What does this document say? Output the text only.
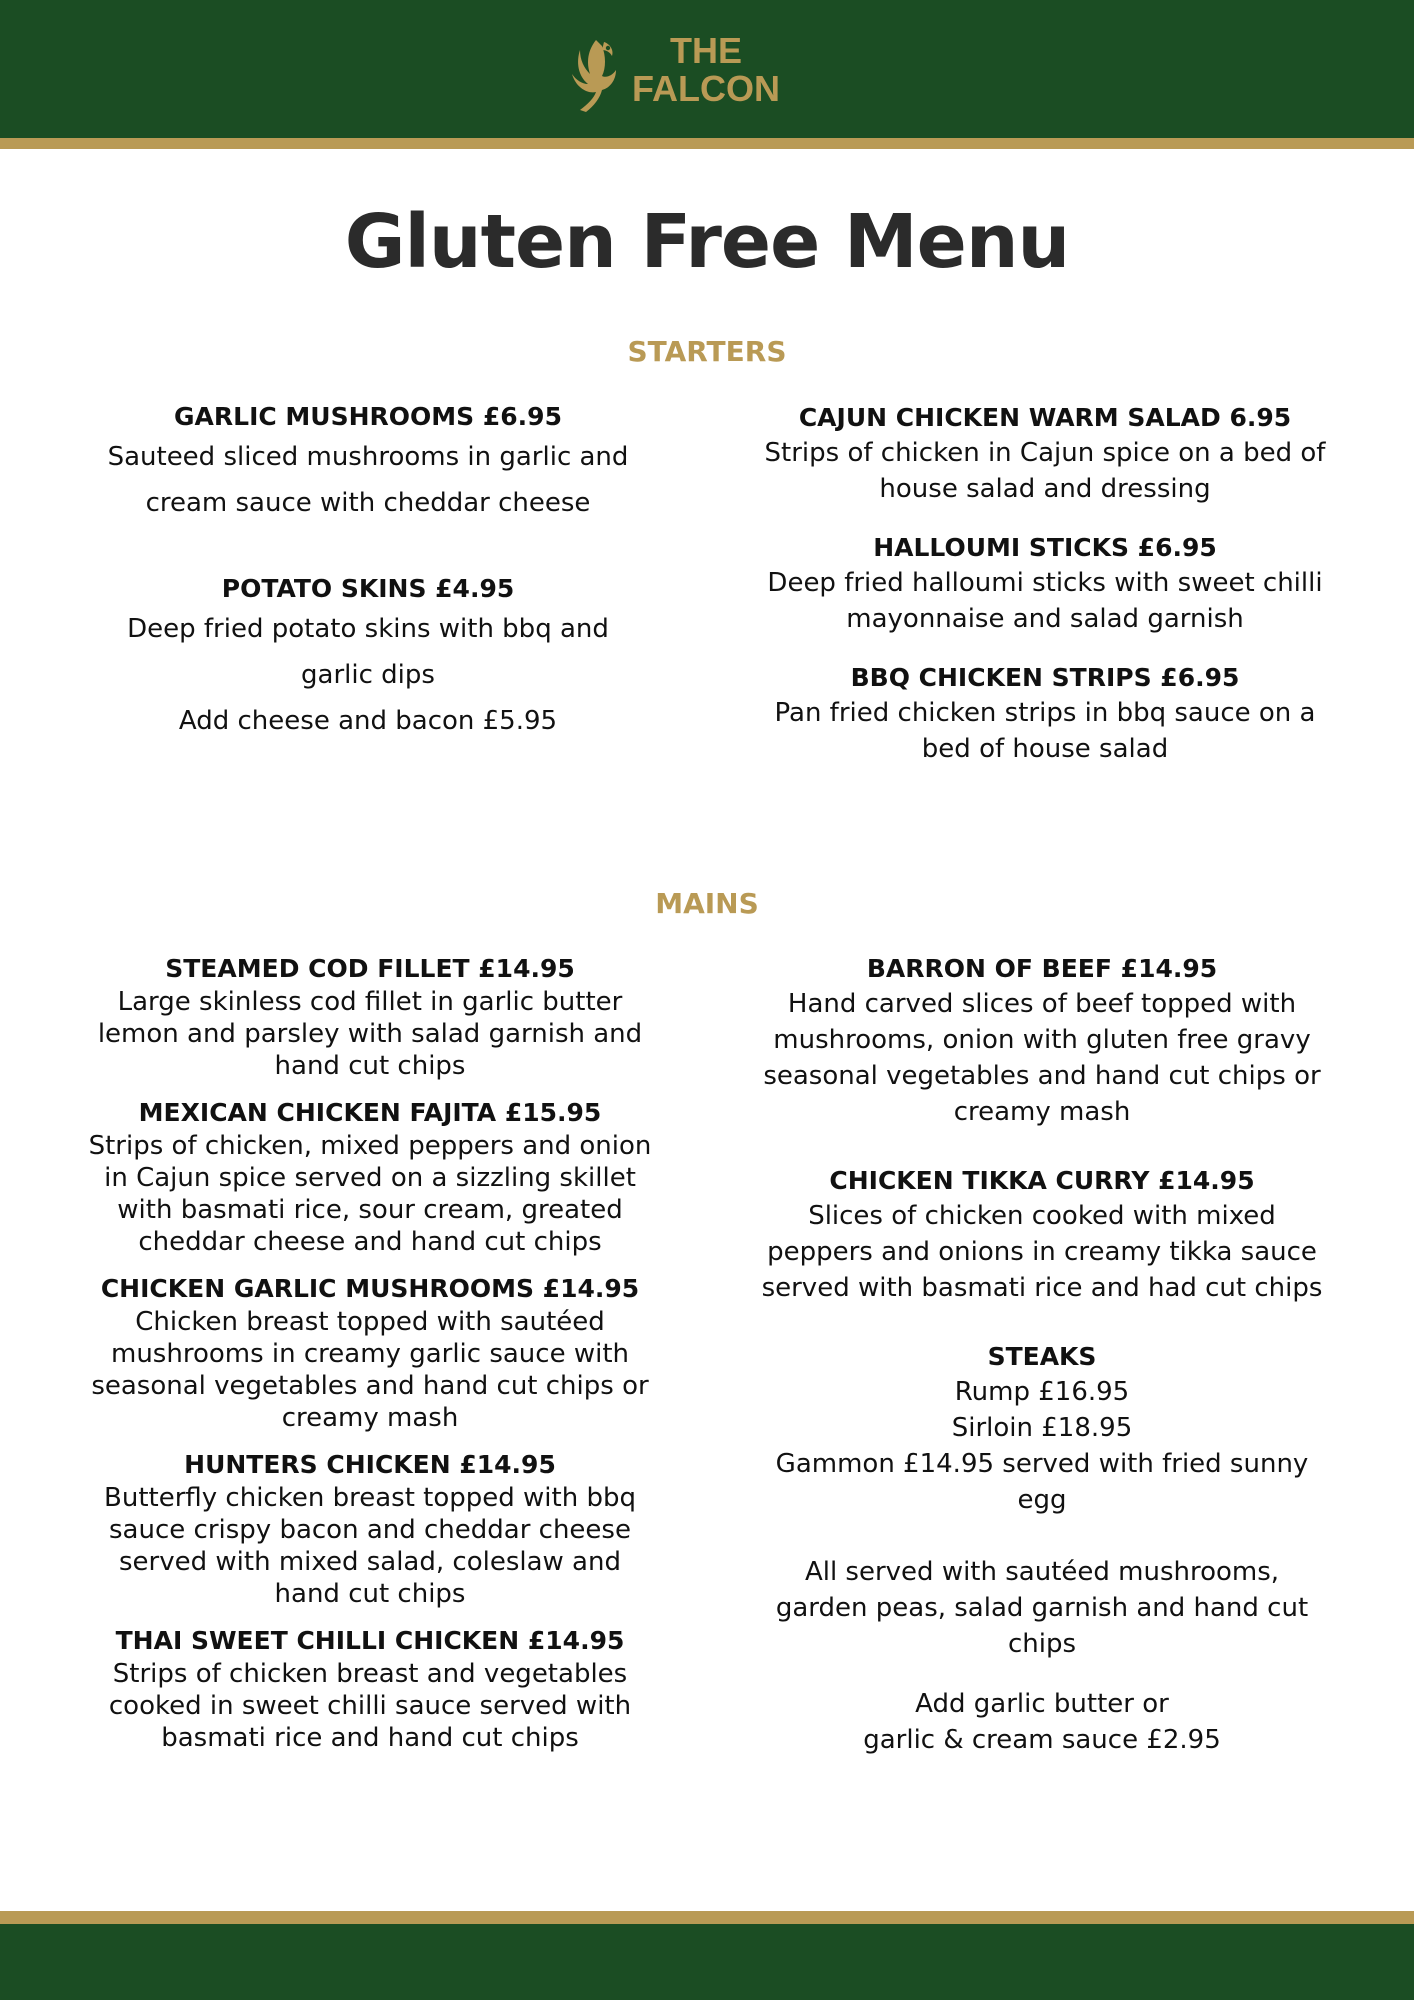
THE
FALCON
Gluten Free Menu
STARTERS
GARLIC MUSHROOMS £6.95
Sauteed sliced mushrooms in garlic and
cream sauce with cheddar cheese
POTATO SKINS £4.95
Deep fried potato skins with bbq and
garlic dips
Add cheese and bacon £5.95
CAJUN CHICKEN WARM SALAD 6.95
Strips of chicken in Cajun spice on a bed of
house salad and dressing
HALLOUMI STICKS £6.95
Deep fried halloumi sticks with sweet chilli
mayonnaise and salad garnish
BBQ CHICKEN STRIPS £6.95
Pan fried chicken strips in bbq sauce on a
bed of house salad
MAINS
STEAMED COD FILLET £14.95
Large skinless cod fillet in garlic butter
lemon and parsley with salad garnish and
hand cut chips
MEXICAN CHICKEN FAJITA £15.95
Strips of chicken, mixed peppers and onion
in Cajun spice served on a sizzling skillet
with basmati rice, sour cream, greated
cheddar cheese and hand cut chips
CHICKEN GARLIC MUSHROOMS £14.95
Chicken breast topped with sautéed
mushrooms in creamy garlic sauce with
seasonal vegetables and hand cut chips or
creamy mash
HUNTERS CHICKEN £14.95
Butterfly chicken breast topped with bbq
sauce crispy bacon and cheddar cheese
served with mixed salad, coleslaw and
hand cut chips
THAI SWEET CHILLI CHICKEN £14.95
Strips of chicken breast and vegetables
cooked in sweet chilli sauce served with
basmati rice and hand cut chips
BARRON OF BEEF £14.95
Hand carved slices of beef topped with
mushrooms, onion with gluten free gravy
seasonal vegetables and hand cut chips or
creamy mash
CHICKEN TIKKA CURRY £14.95
Slices of chicken cooked with mixed
peppers and onions in creamy tikka sauce
served with basmati rice and had cut chips
STEAKS
Rump £16.95
Sirloin £18.95
Gammon £14.95 served with fried sunny
egg
All served with sautéed mushrooms,
garden peas, salad garnish and hand cut
chips
Add garlic butter or
garlic & cream sauce £2.95
